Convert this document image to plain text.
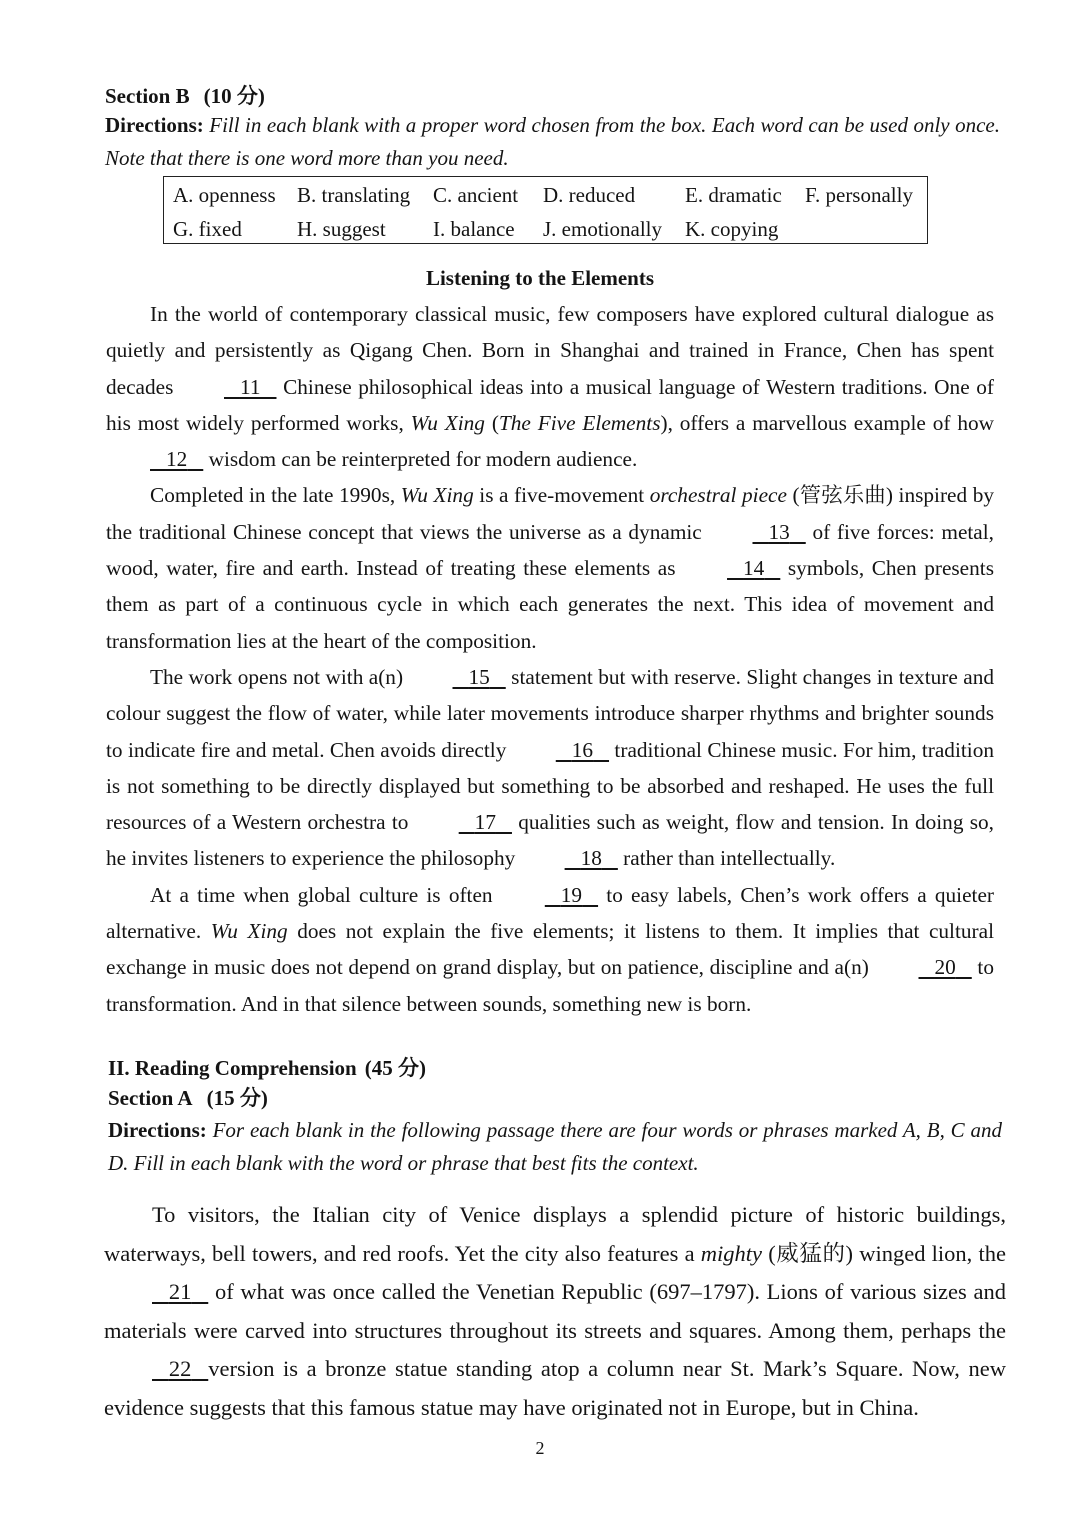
Section B (10 分)
Directions: Fill in each blank with a proper word chosen from the box. Each word can be used only once. Note that there is one word more than you need.
A. openness B. translating C. ancient D. reduced E. dramatic F. personally
G. fixed	H. suggest I. balance J. emotionally K. copying
Listening to the Elements

In the world of contemporary classical music, few composers have explored cultural dialogue as quietly and persistently as Qigang Chen. Born in Shanghai and trained in France, Chen has spent decades	11    Chinese philosophical ideas into a musical language of Western traditions. One of his most widely performed works, Wu Xing (The Five Elements), offers a marvellous example of how    12    wisdom can be reinterpreted for modern audience.

Completed in the late 1990s, Wu Xing is a five-movement orchestral piece (管弦乐曲) inspired by the traditional Chinese concept that views the universe as a dynamic	13    of five forces: metal, wood, water, fire and earth. Instead of treating these elements as	14    symbols, Chen presents them as part of a continuous cycle in which each generates the next. This idea of movement and transformation lies at the heart of the composition.

The work opens not with a(n)	15    statement but with reserve. Slight changes in texture and colour suggest the flow of water, while later movements introduce sharper rhythms and brighter sounds to indicate fire and metal. Chen avoids directly	16    traditional Chinese music. For him, tradition is not something to be directly displayed but something to be absorbed and reshaped. He uses the full resources of a Western orchestra to	17    qualities such as weight, flow and tension. In doing so, he invites listeners to experience the philosophy	18    rather than intellectually.

At a time when global culture is often	19    to easy labels, Chen’s work offers a quieter alternative. Wu Xing does not explain the five elements; it listens to them. It implies that cultural exchange in music does not depend on grand display, but on patience, discipline and a(n)	20    to transformation. And in that silence between sounds, something new is born.

II. Reading Comprehension (45 分)
Section A (15 分)
Directions: For each blank in the following passage there are four words or phrases marked A, B, C and D. Fill in each blank with the word or phrase that best fits the context.

To visitors, the Italian city of Venice displays a splendid picture of historic buildings, waterways, bell towers, and red roofs. Yet the city also features a mighty (威猛的) winged lion, the    21    of what was once called the Venetian Republic (697–1797). Lions of various sizes and materials were carved into structures throughout its streets and squares. Among them, perhaps the    22 version is a bronze statue standing atop a column near St. Mark’s Square. Now, new evidence suggests that this famous statue may have originated not in Europe, but in China.

2
